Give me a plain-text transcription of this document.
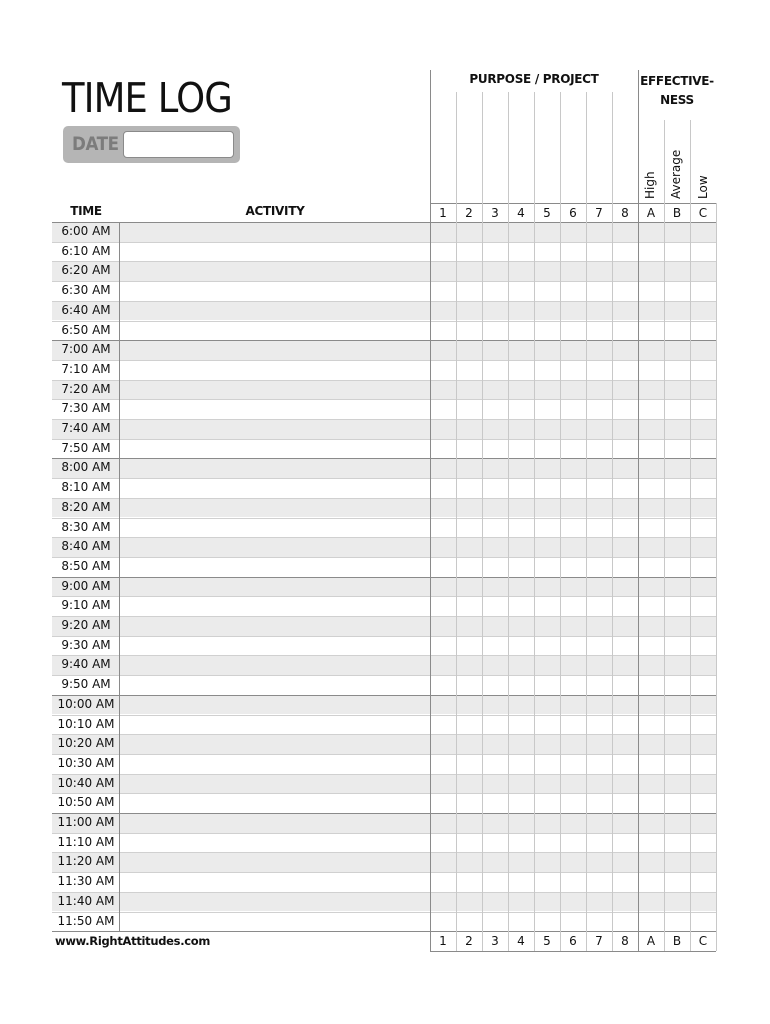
TIME LOG
DATE
PURPOSE / PROJECT	EFFECTIVE-
NESS
High Average Low
TIME	ACTIVITY
6:00 AM
6:10 AM
6:20 AM
6:30 AM
6:40 AM
6:50 AM
7:00 AM
7:10 AM
7:20 AM
7:30 AM
7:40 AM
7:50 AM
8:00 AM
8:10 AM
8:20 AM
8:30 AM
8:40 AM
8:50 AM
9:00 AM
9:10 AM
9:20 AM
9:30 AM
9:40 AM
9:50 AM
10:00 AM
10:10 AM
10:20 AM
10:30 AM
10:40 AM
10:50 AM
11:00 AM
11:10 AM
11:20 AM
11:30 AM
11:40 AM
11:50 AM
1
1
2
2
3
3
4
4
5
5
6
6
7
7
8
8
A
A
B
B
C
C
www.RightAttitudes.com
